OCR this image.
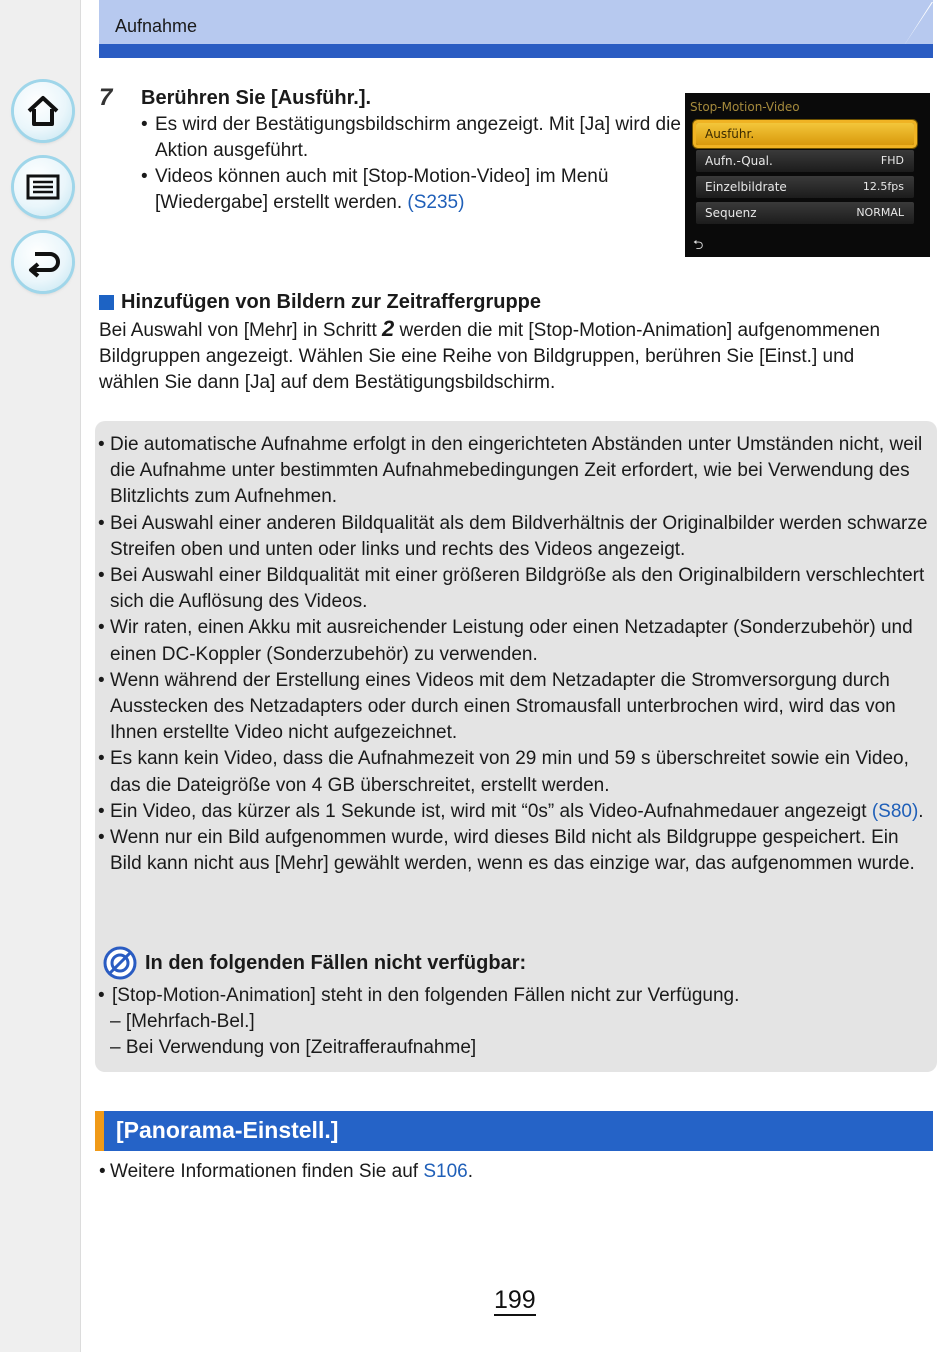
Aufnahme
7 Berühren Sie [Ausführ.].
• Es wird der Bestätigungsbildschirm angezeigt. Mit [Ja] wird die Aktion ausgeführt.
• Videos können auch mit [Stop-Motion-Video] im Menü [Wiedergabe] erstellt werden. (S235)
Stop-Motion-Video
Ausführ.
Aufn.-Qual.	FHD
Einzelbildrate	12.5fps
Sequenz	NORMAL
⮌
Hinzufügen von Bildern zur Zeitraffergruppe
Bei Auswahl von [Mehr] in Schritt 2 werden die mit [Stop-Motion-Animation] aufgenommenen Bildgruppen angezeigt. Wählen Sie eine Reihe von Bildgruppen, berühren Sie [Einst.] und wählen Sie dann [Ja] auf dem Bestätigungsbildschirm.
• Die automatische Aufnahme erfolgt in den eingerichteten Abständen unter Umständen nicht, weil die Aufnahme unter bestimmten Aufnahmebedingungen Zeit erfordert, wie bei Verwendung des Blitzlichts zum Aufnehmen.
• Bei Auswahl einer anderen Bildqualität als dem Bildverhältnis der Originalbilder werden schwarze Streifen oben und unten oder links und rechts des Videos angezeigt.
• Bei Auswahl einer Bildqualität mit einer größeren Bildgröße als den Originalbildern verschlechtert sich die Auflösung des Videos.
• Wir raten, einen Akku mit ausreichender Leistung oder einen Netzadapter (Sonderzubehör) und einen DC-Koppler (Sonderzubehör) zu verwenden.
• Wenn während der Erstellung eines Videos mit dem Netzadapter die Stromversorgung durch Ausstecken des Netzadapters oder durch einen Stromausfall unterbrochen wird, wird das von Ihnen erstellte Video nicht aufgezeichnet.
• Es kann kein Video, dass die Aufnahmezeit von 29 min und 59 s überschreitet sowie ein Video, das die Dateigröße von 4 GB überschreitet, erstellt werden.
• Ein Video, das kürzer als 1 Sekunde ist, wird mit “0s” als Video-Aufnahmedauer angezeigt (S80).
• Wenn nur ein Bild aufgenommen wurde, wird dieses Bild nicht als Bildgruppe gespeichert. Ein Bild kann nicht aus [Mehr] gewählt werden, wenn es das einzige war, das aufgenommen wurde.
In den folgenden Fällen nicht verfügbar:
• [Stop-Motion-Animation] steht in den folgenden Fällen nicht zur Verfügung.
– [Mehrfach-Bel.]
– Bei Verwendung von [Zeitrafferaufnahme]
[Panorama-Einstell.]
• Weitere Informationen finden Sie auf S106.
199
